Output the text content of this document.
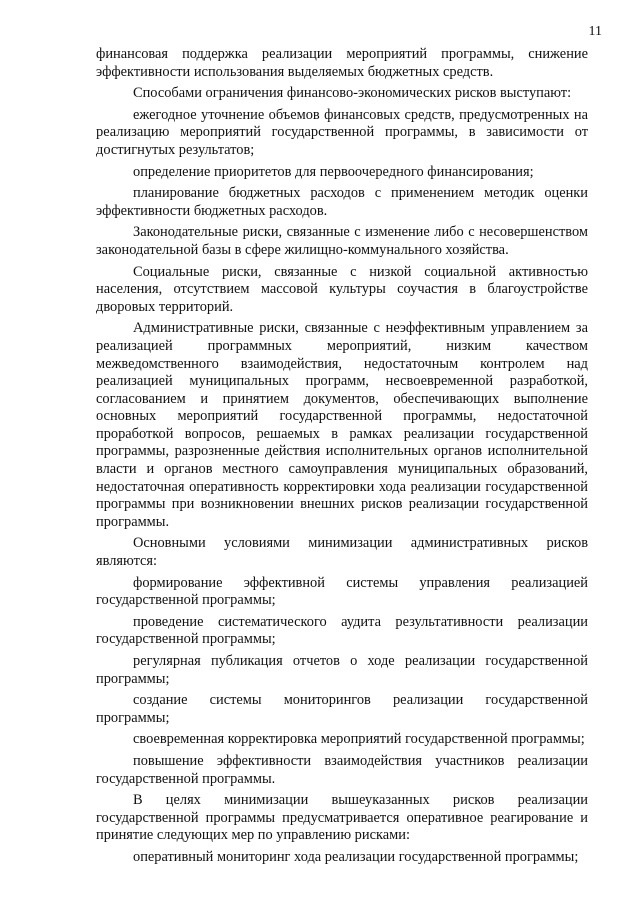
11

финансовая поддержка реализации мероприятий программы, снижение эффективности использования выделяемых бюджетных средств.

Способами ограничения финансово-экономических рисков выступают:

ежегодное уточнение объемов финансовых средств, предусмотренных на реализацию мероприятий государственной программы, в зависимости от достигнутых результатов;

определение приоритетов для первоочередного финансирования;

планирование бюджетных расходов с применением методик оценки эффективности бюджетных расходов.

Законодательные риски, связанные с изменение либо с несовершенством законодательной базы в сфере жилищно-коммунального хозяйства.

Социальные риски, связанные с низкой социальной активностью населения, отсутствием массовой культуры соучастия в благоустройстве дворовых территорий.

Административные риски, связанные с неэффективным управлением за реализацией программных мероприятий, низким качеством межведомственного взаимодействия, недостаточным контролем над реализацией муниципальных программ, несвоевременной разработкой, согласованием и принятием документов, обеспечивающих выполнение основных мероприятий государственной программы, недостаточной проработкой вопросов, решаемых в рамках реализации государственной программы, разрозненные действия исполнительных органов исполнительной власти и органов местного самоуправления муниципальных образований, недостаточная оперативность корректировки хода реализации государственной программы при возникновении внешних рисков реализации государственной программы.

Основными условиями минимизации административных рисков являются:

формирование эффективной системы управления реализацией государственной программы;

проведение систематического аудита результативности реализации государственной программы;

регулярная публикация отчетов о ходе реализации государственной программы;

создание системы мониторингов реализации государственной программы;

своевременная корректировка мероприятий государственной программы;

повышение эффективности взаимодействия участников реализации государственной программы.

В целях минимизации вышеуказанных рисков реализации государственной программы предусматривается оперативное реагирование и принятие следующих мер по управлению рисками:

оперативный мониторинг хода реализации государственной программы;
